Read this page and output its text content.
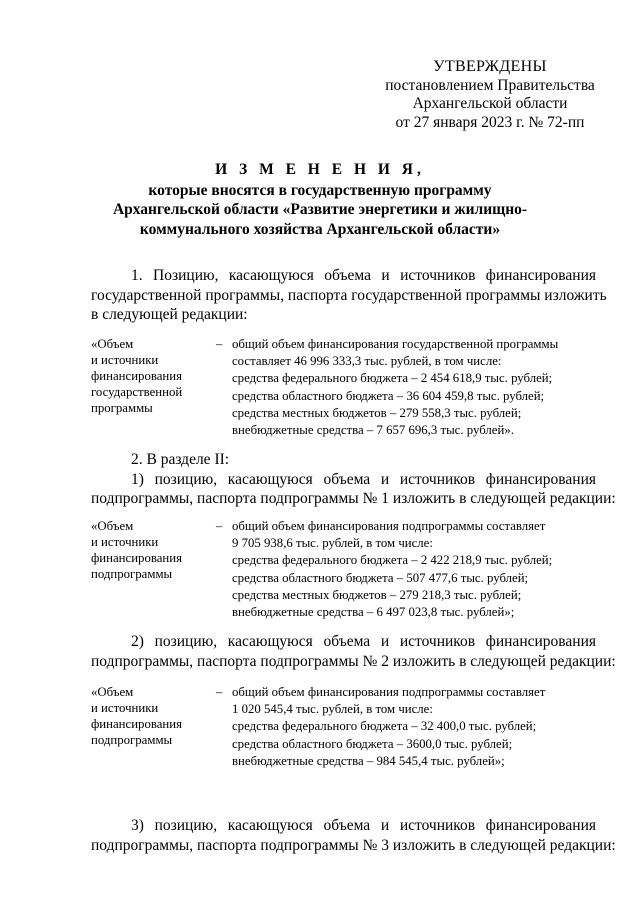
УТВЕРЖДЕНЫ
постановлением Правительства
Архангельской области
от 27 января 2023 г. № 72-пп
И З М Е Н Е Н И Я,
которые вносятся в государственную программу
Архангельской области «Развитие энергетики и жилищно-
коммунального хозяйства Архангельской области»
1. Позицию, касающуюся объема и источников финансирования
государственной программы, паспорта государственной программы изложить
в следующей редакции:
«Объем
и источники
финансирования
государственной
программы
– общий объем финансирования государственной программы
составляет 46 996 333,3 тыс. рублей, в том числе:
средства федерального бюджета – 2 454 618,9 тыс. рублей;
средства областного бюджета – 36 604 459,8 тыс. рублей;
средства местных бюджетов – 279 558,3 тыс. рублей;
внебюджетные средства – 7 657 696,3 тыс. рублей».
2. В разделе II:
1) позицию, касающуюся объема и источников финансирования
подпрограммы, паспорта подпрограммы № 1 изложить в следующей редакции:
«Объем
и источники
финансирования
подпрограммы
– общий объем финансирования подпрограммы составляет
9 705 938,6 тыс. рублей, в том числе:
средства федерального бюджета – 2 422 218,9 тыс. рублей;
средства областного бюджета – 507 477,6 тыс. рублей;
средства местных бюджетов – 279 218,3 тыс. рублей;
внебюджетные средства – 6 497 023,8 тыс. рублей»;
2) позицию, касающуюся объема и источников финансирования
подпрограммы, паспорта подпрограммы № 2 изложить в следующей редакции:
«Объем
и источники
финансирования
подпрограммы
– общий объем финансирования подпрограммы составляет
1 020 545,4 тыс. рублей, в том числе:
средства федерального бюджета – 32 400,0 тыс. рублей;
средства областного бюджета – 3600,0 тыс. рублей;
внебюджетные средства – 984 545,4 тыс. рублей»;
3) позицию, касающуюся объема и источников финансирования
подпрограммы, паспорта подпрограммы № 3 изложить в следующей редакции:
